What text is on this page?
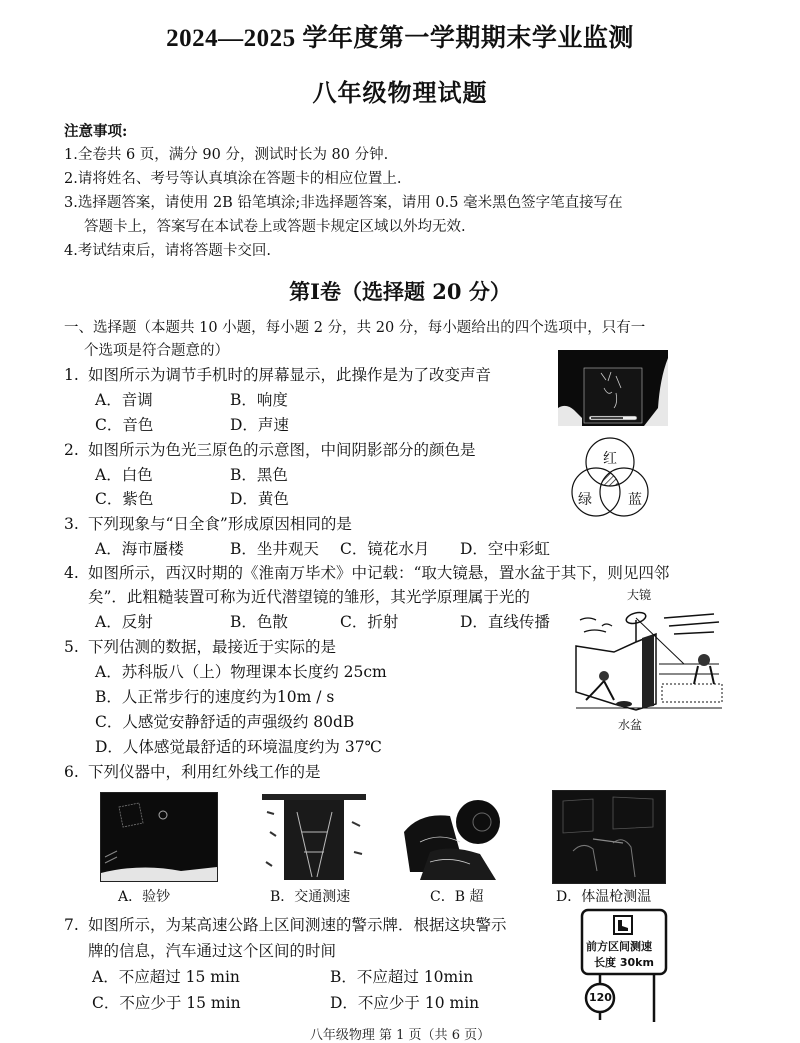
2024—2025 学年度第一学期期末学业监测
八年级物理试题
注意事项:
1.全卷共 6 页，满分 90 分，测试时长为 80 分钟.
2.请将姓名、考号等认真填涂在答题卡的相应位置上.
3.选择题答案，请使用 2B 铅笔填涂;非选择题答案，请用 0.5 毫米黑色签字笔直接写在
答题卡上，答案写在本试卷上或答题卡规定区域以外均无效.
4.考试结束后，请将答题卡交回.
第Ⅰ卷（选择题 20 分）
一、选择题（本题共 10 小题，每小题 2 分，共 20 分，每小题给出的四个选项中，只有一
个选项是符合题意的）
1. 如图所示为调节手机时的屏幕显示，此操作是为了改变声音
A．音调	B．响度
C．音色	D．声速
2. 如图所示为色光三原色的示意图，中间阴影部分的颜色是
A．白色	B．黑色
C．紫色	D．黄色
红
绿	蓝
3. 下列现象与“日全食”形成原因相同的是
A．海市蜃楼	B．坐井观天 C．镜花水月 D．空中彩虹
4. 如图所示，西汉时期的《淮南万毕术》中记载：“取大镜悬，置水盆于其下，则见四邻
矣”．此粗糙装置可称为近代潜望镜的雏形，其光学原理属于光的
A．反射	B．色散	C．折射	D．直线传播
大镜
水盆
5. 下列估测的数据，最接近于实际的是
A．苏科版八（上）物理课本长度约 25cm
B．人正常步行的速度约为10m / s
C．人感觉安静舒适的声强级约 80dB
D．人体感觉最舒适的环境温度约为 37℃
6. 下列仪器中，利用红外线工作的是
A．验钞	B．交通测速	C．B 超	D．体温枪测温
7. 如图所示，为某高速公路上区间测速的警示牌．根据这块警示
牌的信息，汽车通过这个区间的时间
A．不应超过 15 min	B．不应超过 10min
C．不应少于 15 min	D．不应少于 10 min
前方区间测速
长度 30km
120
八年级物理 第 1 页（共 6 页）
